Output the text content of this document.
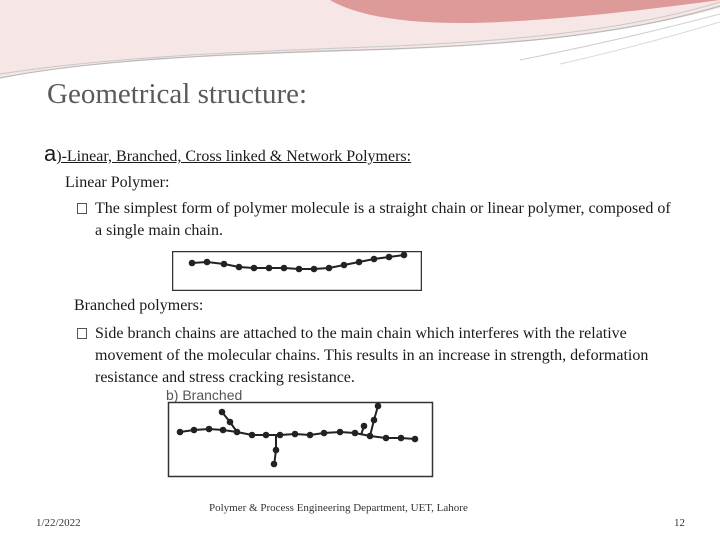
Geometrical structure:
a)-Linear, Branched, Cross linked & Network Polymers:
Linear Polymer:
The simplest form of polymer molecule is a straight chain or linear polymer, composed of a single main chain.
Branched polymers:
Side branch chains are attached to the main chain which interferes with the relative movement of the molecular chains. This results in an increase in strength, deformation resistance and stress cracking resistance.
b) Branched
1/22/2022
Polymer & Process Engineering Department, UET, Lahore
12
